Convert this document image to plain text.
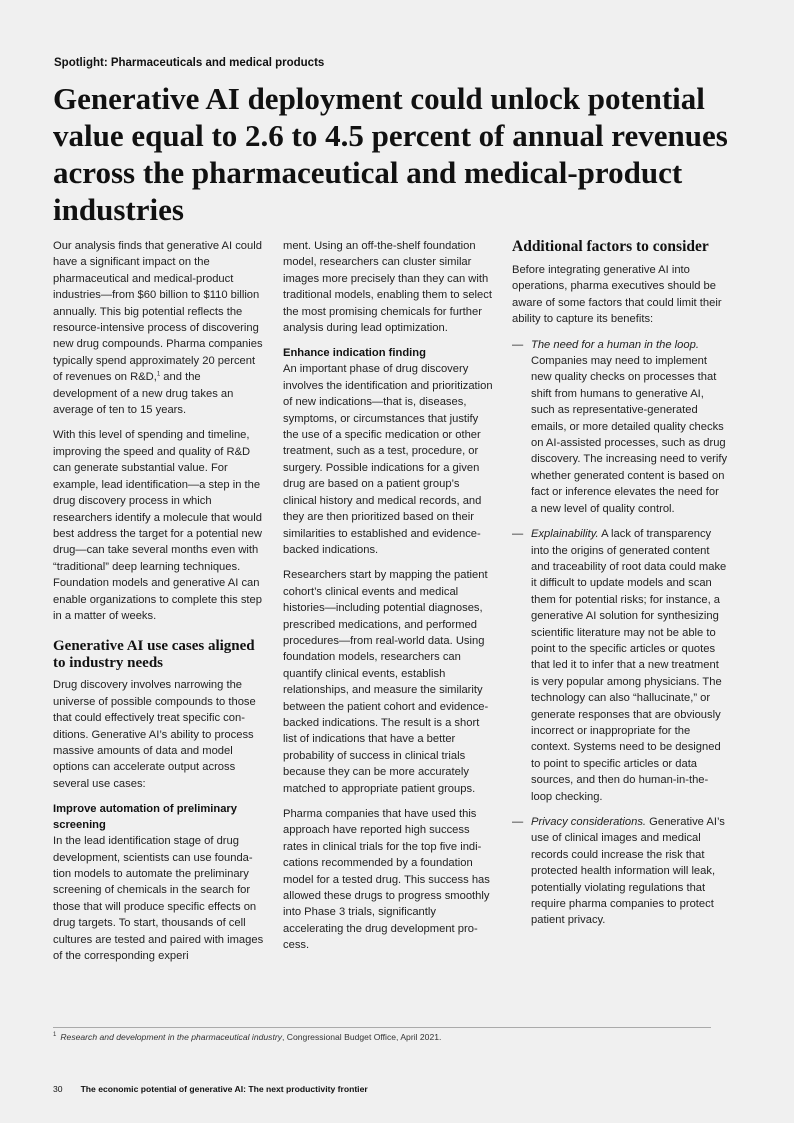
Spotlight: Pharmaceuticals and medical products
Generative AI deployment could unlock potential value equal to 2.6 to 4.5 percent of annual revenues across the pharmaceutical and medical-product industries

Our analysis finds that generative AI could have a significant impact on the pharmaceutical and medical-product industries—from $60 billion to $110 billion annually. This big potential reflects the resource-intensive process of discovering new drug compounds. Pharma companies typically spend approximately 20 percent of revenues on R&D,$^1$ and the development of a new drug takes an average of ten to 15 years.

With this level of spending and timeline, improving the speed and quality of R&D can generate substantial value. For example, lead identification—a step in the drug discovery process in which researchers identify a molecule that would best address the target for a potential new drug—can take several months even with “traditional” deep learning techniques. Foundation models and generative AI can enable organizations to complete this step in a matter of weeks.

Generative AI use cases aligned to industry needs

Drug discovery involves narrowing the universe of possible compounds to those that could effectively treat specific conditions. Generative AI’s ability to process massive amounts of data and model options can accelerate output across several use cases:

Improve automation of preliminary screening

In the lead identification stage of drug development, scientists can use foundation models to automate the preliminary screening of chemicals in the search for those that will produce specific effects on drug targets. To start, thousands of cell cultures are tested and paired with images of the corresponding experi

ment. Using an off-the-shelf foundation model, researchers can cluster similar images more precisely than they can with traditional models, enabling them to select the most promising chemicals for further analysis during lead optimization.

Enhance indication finding

An important phase of drug discovery involves the identification and prioritization of new indications—that is, diseases, symptoms, or circumstances that justify the use of a specific medication or other treatment, such as a test, procedure, or surgery. Possible indications for a given drug are based on a patient group’s clinical history and medical records, and they are then prioritized based on their similarities to established and evidence-backed indications.

Researchers start by mapping the patient cohort’s clinical events and medical histories—including potential diagnoses, prescribed medications, and performed procedures—from real-world data. Using foundation models, researchers can quantify clinical events, establish relationships, and measure the similarity between the patient cohort and evidence-backed indications. The result is a short list of indications that have a better probability of success in clinical trials because they can be more accurately matched to appropriate patient groups.

Pharma companies that have used this approach have reported high success rates in clinical trials for the top five indications recommended by a foundation model for a tested drug. This success has allowed these drugs to progress smoothly into Phase 3 trials, significantly accelerating the drug development process.

Additional factors to consider

Before integrating generative AI into operations, pharma executives should be aware of some factors that could limit their ability to capture its benefits:

— The need for a human in the loop. Companies may need to implement new quality checks on processes that shift from humans to generative AI, such as representative-generated emails, or more detailed quality checks on AI-assisted processes, such as drug discovery. The increasing need to verify whether generated content is based on fact or inference elevates the need for a new level of quality control.
— Explainability. A lack of transparency into the origins of generated content and traceability of root data could make it difficult to update models and scan them for potential risks; for instance, a generative AI solution for synthesizing scientific literature may not be able to point to the specific articles or quotes that led it to infer that a new treatment is very popular among physicians. The technology can also “hallucinate,” or generate responses that are obviously incorrect or inappropriate for the context. Systems need to be designed to point to specific articles or data sources, and then do human-in-the-loop checking.
— Privacy considerations. Generative AI’s use of clinical images and medical records could increase the risk that protected health information will leak, potentially violating regulations that require pharma companies to protect patient privacy.
$^1$ Research and development in the pharmaceutical industry, Congressional Budget Office, April 2021.
30 The economic potential of generative AI: The next productivity frontier
